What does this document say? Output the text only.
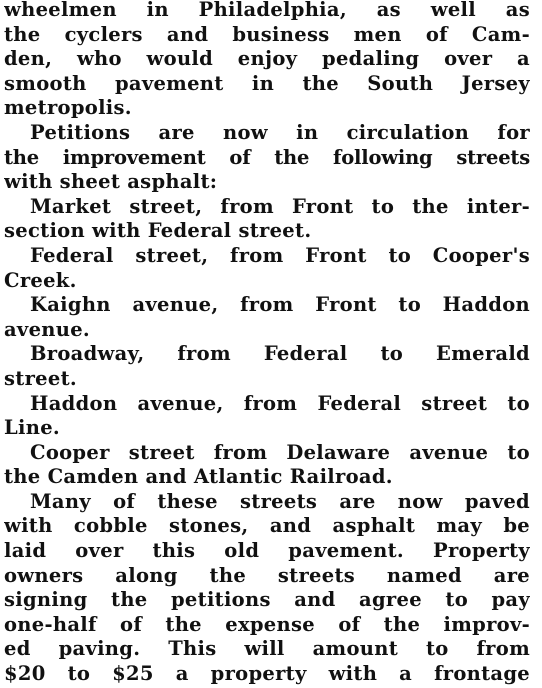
wheelmen in Philadelphia, as well as
the cyclers and business men of Cam-
den, who would enjoy pedaling over a
smooth pavement in the South Jersey
metropolis.
Petitions are now in circulation for
the improvement of the following streets
with sheet asphalt:
Market street, from Front to the inter-
section with Federal street.
Federal street, from Front to Cooper's
Creek.
Kaighn avenue, from Front to Haddon
avenue.
Broadway, from Federal to Emerald
street.
Haddon avenue, from Federal street to
Line.
Cooper street from Delaware avenue to
the Camden and Atlantic Railroad.
Many of these streets are now paved
with cobble stones, and asphalt may be
laid over this old pavement. Property
owners along the streets named are
signing the petitions and agree to pay
one-half of the expense of the improv-
ed paving. This will amount to from
$20 to $25 a property with a frontage
